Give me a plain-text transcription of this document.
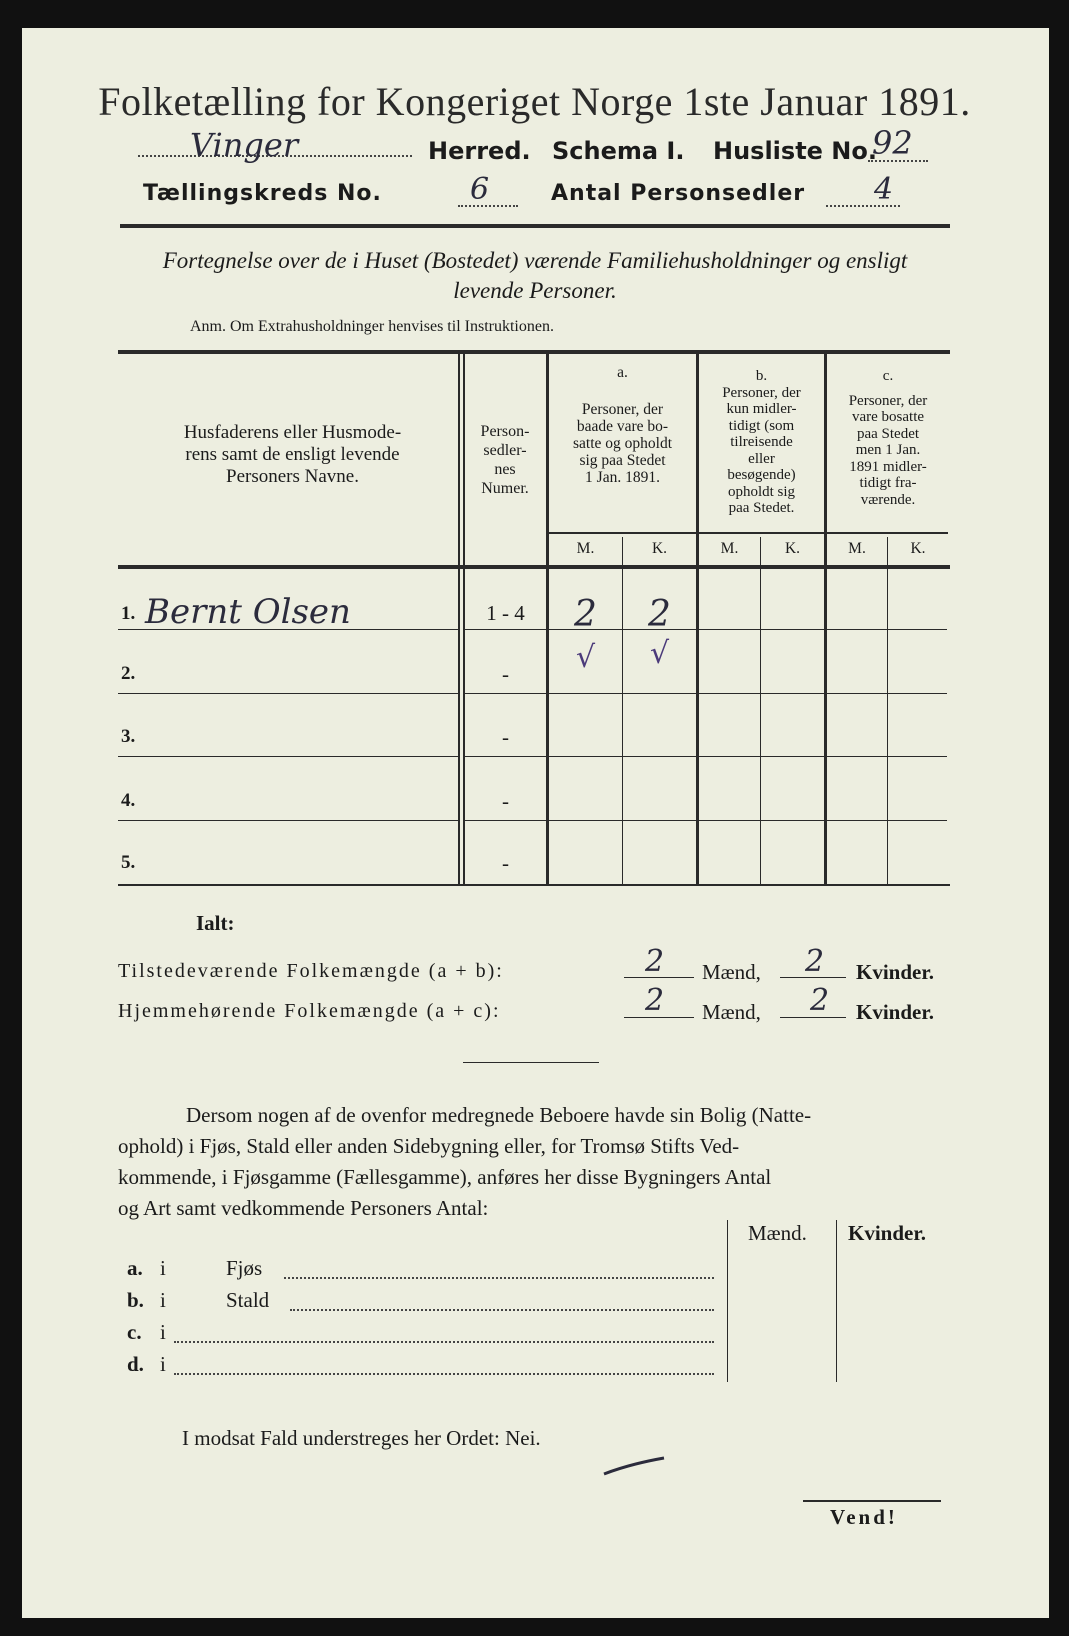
Folketælling for Kongeriget Norge 1ste Januar 1891.
Vinger	Herred. Schema I. Husliste No.
92
Tællingskreds No.	6	Antal Personsedler 4
Fortegnelse over de i Huset (Bostedet) værende Familiehusholdninger og ensligt
levende Personer.
Anm. Om Extrahusholdninger henvises til Instruktionen.
Husfaderens eller Husmode-
rens samt de ensligt levende
Personers Navne.
Person-
sedler-
nes
Numer.
a.
Personer, der
baade vare bo-
satte og opholdt
sig paa Stedet
1 Jan. 1891.
b.
Personer, der
kun midler-
tidigt (som
tilreisende
eller
besøgende)
opholdt sig
paa Stedet.
c.
Personer, der
vare bosatte
paa Stedet
men 1 Jan.
1891 midler-
tidigt fra-
værende.
M.	K.	M.	K.	M.	K.
1. Bernt Olsen	1 - 4	2	2
2.	-	√	√
3.	-
4.	-
5.	-
Ialt:
Tilstedeværende Folkemængde (a + b):	2 Mænd, 2 Kvinder.
Hjemmehørende Folkemængde (a + c):	2 Mænd, 2 Kvinder.
Dersom nogen af de ovenfor medregnede Beboere havde sin Bolig (Natte-
ophold) i Fjøs, Stald eller anden Sidebygning eller, for Tromsø Stifts Ved-
kommende, i Fjøsgamme (Fællesgamme), anføres her disse Bygningers Antal
og Art samt vedkommende Personers Antal:
Mænd. Kvinder.
a. i	Fjøs
b. i	Stald
c. i
d. i
I modsat Fald understreges her Ordet: Nei.
Vend!
